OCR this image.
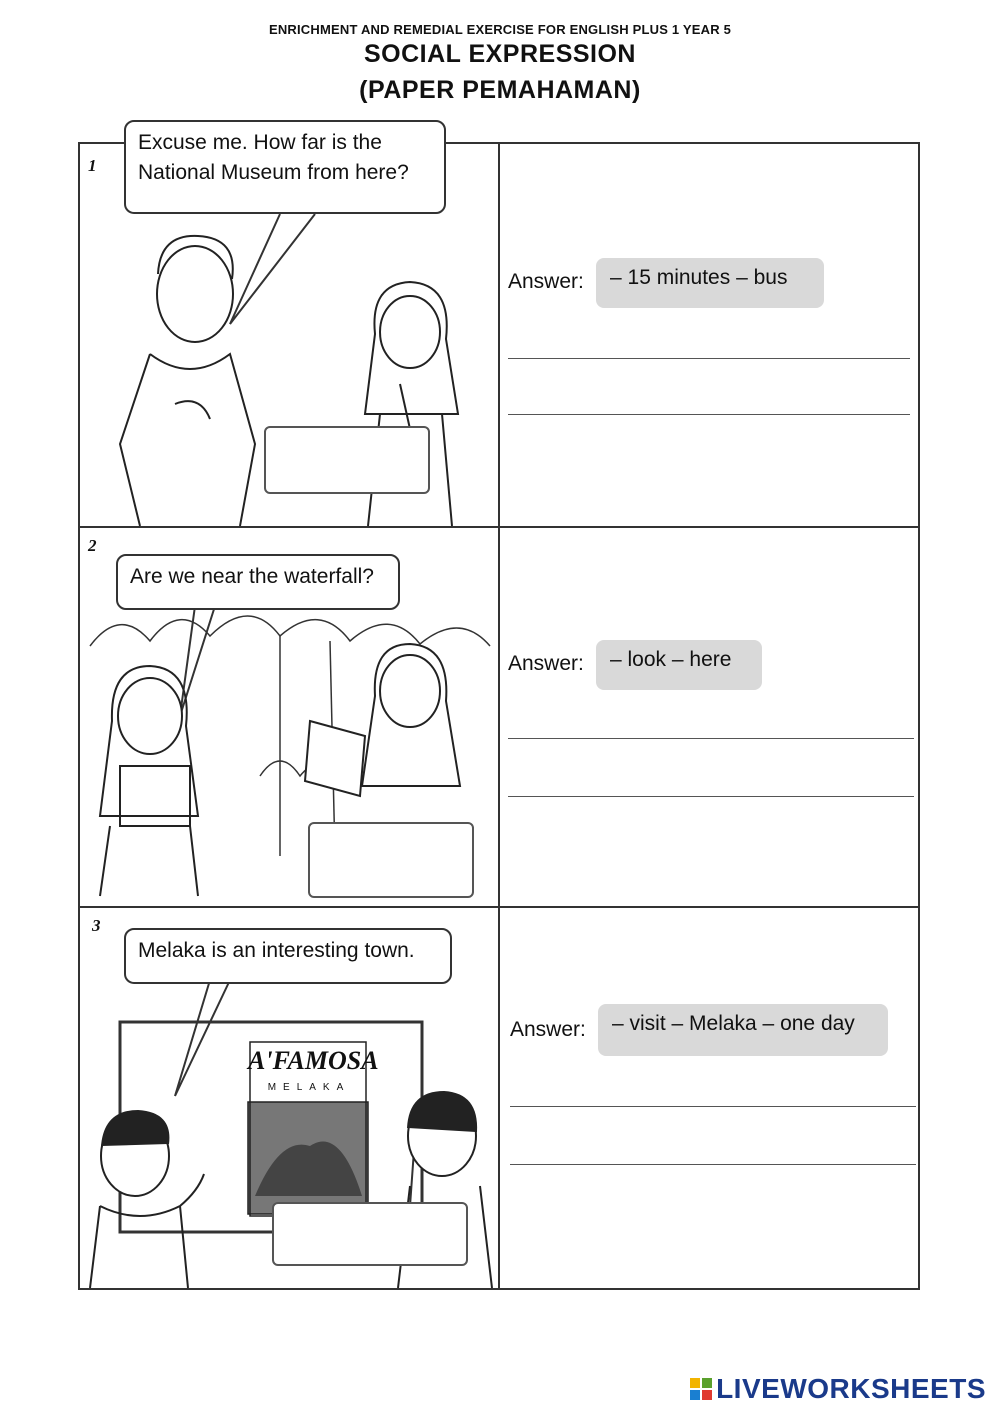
ENRICHMENT AND REMEDIAL EXERCISE FOR ENGLISH PLUS 1 YEAR 5
SOCIAL EXPRESSION
(PAPER PEMAHAMAN)
1
Excuse me. How far is the National Museum from here?
Answer:	– 15 minutes – bus
2
Are we near the waterfall?
Answer:	– look – here
3
A'FAMOSA
MELAKA
Melaka is an interesting town.
Answer:	– visit – Melaka – one day
LIVEWORKSHEETS
